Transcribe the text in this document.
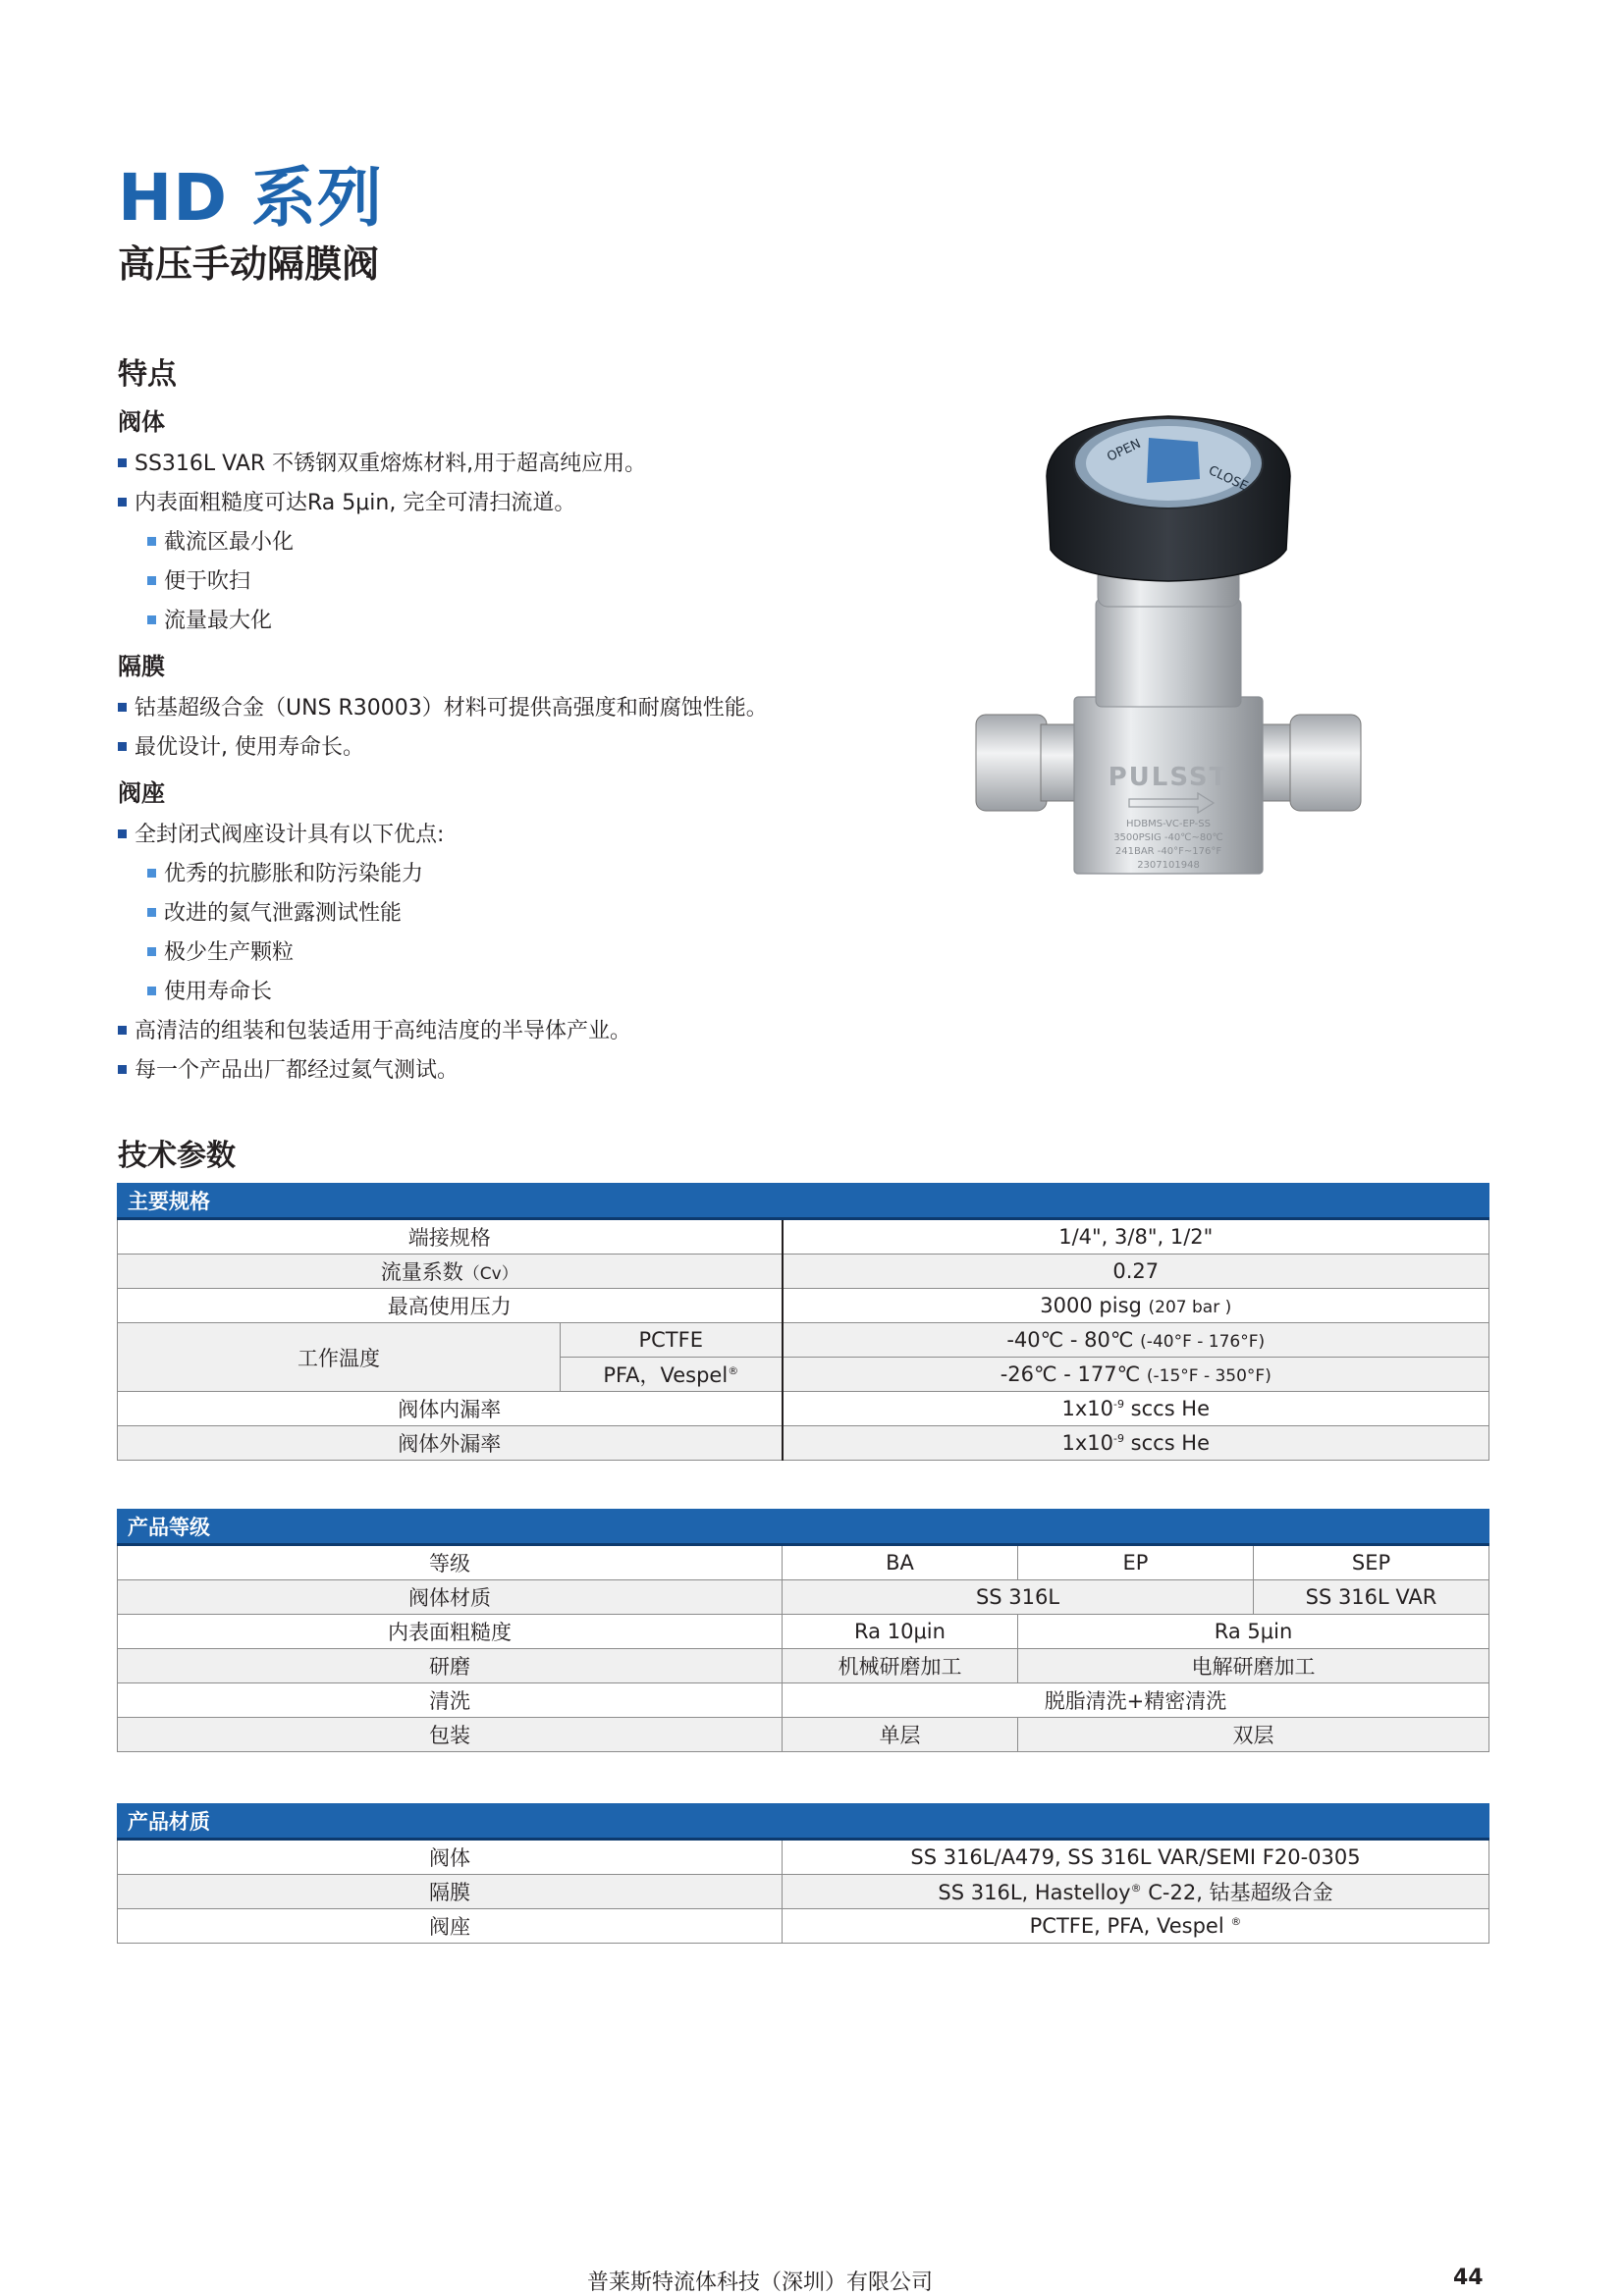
HD 系列
高压手动隔膜阀
特点
阀体
SS316L VAR 不锈钢双重熔炼材料,用于超高纯应用。
内表面粗糙度可达Ra 5μin, 完全可清扫流道。
截流区最小化
便于吹扫
流量最大化
隔膜
钴基超级合金（UNS R30003）材料可提供高强度和耐腐蚀性能。
最优设计, 使用寿命长。
阀座
全封闭式阀座设计具有以下优点:
优秀的抗膨胀和防污染能力
改进的氦气泄露测试性能
极少生产颗粒
使用寿命长
高清洁的组装和包装适用于高纯洁度的半导体产业。
每一个产品出厂都经过氦气测试。
OPEN
CLOSE
PULSST
HDBMS-VC-EP-SS
3500PSIG -40℃~80℃
241BAR -40°F~176°F
2307101948
技术参数
主要规格		
端接规格		1/4", 3/8", 1/2"
流量系数（Cv）		0.27
最高使用压力		3000 pisg (207 bar )
工作温度	PCTFE	-40℃ - 80℃ (-40°F - 176°F)
	PFA，Vespel®	-26℃ - 177℃ (-15°F - 350°F)
阀体内漏率		$1x10^{-9}$ sccs He
阀体外漏率		$1x10^{-9}$ sccs He
产品等级			
等级	BA	EP	SEP
阀体材质	SS 316L		SS 316L VAR
内表面粗糙度	Ra 10μin	Ra 5μin	
研磨	机械研磨加工	电解研磨加工	
清洗	脱脂清洗+精密清洗		
包装	单层	双层	
产品材质	
阀体	SS 316L/A479, SS 316L VAR/SEMI F20-0305
隔膜	SS 316L, Hastelloy® C-22, 钴基超级合金
阀座	PCTFE, PFA, Vespel ®
普莱斯特流体科技（深圳）有限公司	44
